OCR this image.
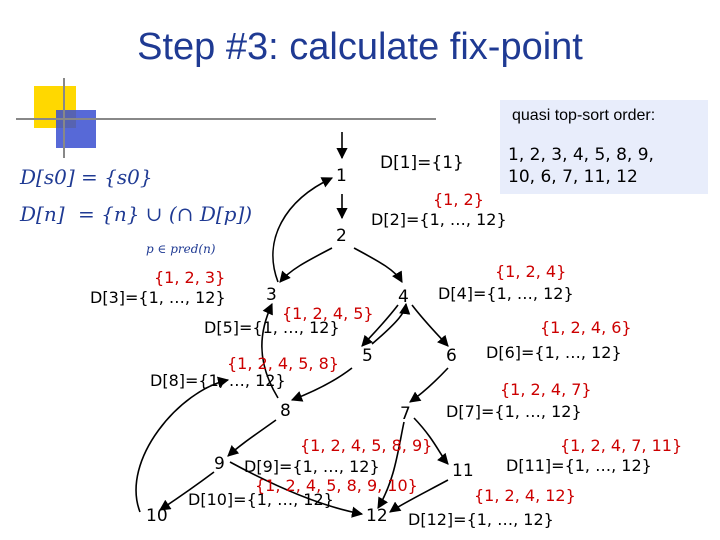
Step #3: calculate fix-point
quasi top-sort order:
1, 2, 3, 4, 5, 8, 9,
10, 6, 7, 11, 12
D[s0] = {s0}
D[n] = {n} ∪ (∩ D[p])
p ∈ pred(n)
1
2
3	4
5	6
7
8
9
10
11
12
D[1]={1}
D[2]={1, …, 12}
D[3]={1, …, 12}	D[4]={1, …, 12}
D[5]={1, …, 12}
D[6]={1, …, 12}
D[7]={1, …, 12}
D[8]={1, …, 12}
D[9]={1, …, 12}
D[10]={1, …, 12}
D[11]={1, …, 12}
D[12]={1, …, 12}
{1, 2}
{1, 2, 3}	{1, 2, 4}
{1, 2, 4, 5}
{1, 2, 4, 6}
{1, 2, 4, 7}
{1, 2, 4, 5, 8}
{1, 2, 4, 5, 8, 9}
{1, 2, 4, 5, 8, 9, 10}
{1, 2, 4, 7, 11}
{1, 2, 4, 12}
